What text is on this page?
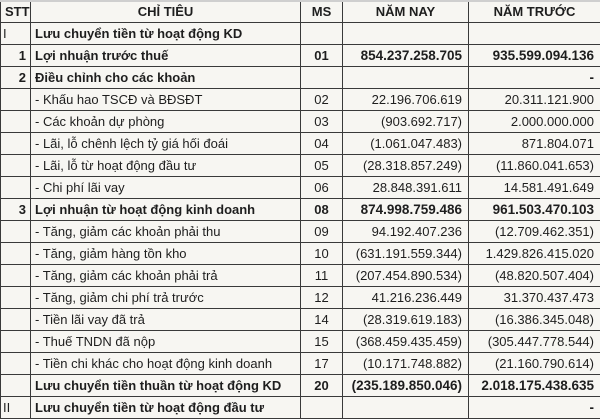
STT	CHỈ TIÊU	MS	NĂM NAY	NĂM TRƯỚC
I	Lưu chuyển tiền từ hoạt động KD			
1	Lợi nhuận trước thuế	01	854.237.258.705	935.599.094.136
2	Điều chỉnh cho các khoản			-
	- Khấu hao TSCĐ và BĐSĐT	02	22.196.706.619	20.311.121.900
	- Các khoản dự phòng	03	(903.692.717)	2.000.000.000
	- Lãi, lỗ chênh lệch tỷ giá hối đoái	04	(1.061.047.483)	871.804.071
	- Lãi, lỗ từ hoạt động đầu tư	05	(28.318.857.249)	(11.860.041.653)
	- Chi phí lãi vay	06	28.848.391.611	14.581.491.649
3	Lợi nhuận từ hoạt động kinh doanh	08	874.998.759.486	961.503.470.103
	- Tăng, giảm các khoản phải thu	09	94.192.407.236	(12.709.462.351)
	- Tăng, giảm hàng tồn kho	10	(631.191.559.344)	1.429.826.415.020
	- Tăng, giảm các khoản phải trả	11	(207.454.890.534)	(48.820.507.404)
	- Tăng, giảm chi phí trả trước	12	41.216.236.449	31.370.437.473
	- Tiền lãi vay đã trả	14	(28.319.619.183)	(16.386.345.048)
	- Thuế TNDN đã nộp	15	(368.459.435.459)	(305.447.778.544)
	- Tiền chi khác cho hoạt động kinh doanh	17	(10.171.748.882)	(21.160.790.614)
	Lưu chuyển tiền thuần từ hoạt động KD	20	(235.189.850.046)	2.018.175.438.635
II	Lưu chuyển tiền từ hoạt động đầu tư			-
